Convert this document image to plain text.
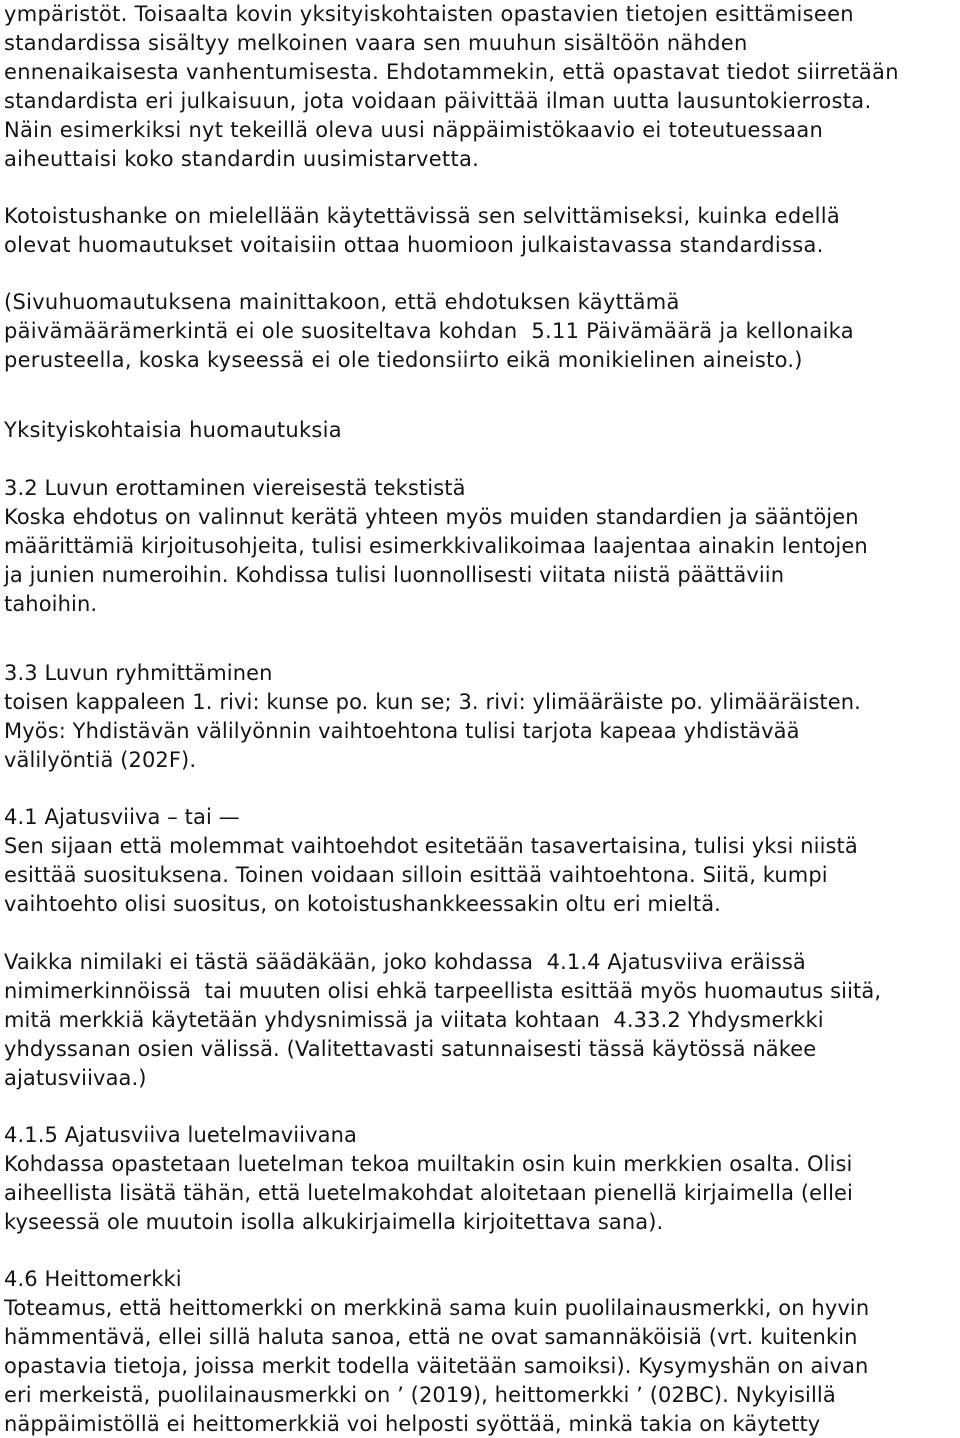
ympäristöt. Toisaalta kovin yksityiskohtaisten opastavien tietojen esittämiseen
standardissa sisältyy melkoinen vaara sen muuhun sisältöön nähden
ennenaikaisesta vanhentumisesta. Ehdotammekin, että opastavat tiedot siirretään
standardista eri julkaisuun, jota voidaan päivittää ilman uutta lausuntokierrosta.
Näin esimerkiksi nyt tekeillä oleva uusi näppäimistökaavio ei toteutuessaan
aiheuttaisi koko standardin uusimistarvetta.
Kotoistushanke on mielellään käytettävissä sen selvittämiseksi, kuinka edellä
olevat huomautukset voitaisiin ottaa huomioon julkaistavassa standardissa.
(Sivuhuomautuksena mainittakoon, että ehdotuksen käyttämä
päivämäärämerkintä ei ole suositeltava kohdan  5.11 Päivämäärä ja kellonaika
perusteella, koska kyseessä ei ole tiedonsiirto eikä monikielinen aineisto.)
Yksityiskohtaisia huomautuksia
3.2 Luvun erottaminen viereisestä tekstistä
Koska ehdotus on valinnut kerätä yhteen myös muiden standardien ja sääntöjen
määrittämiä kirjoitusohjeita, tulisi esimerkkivalikoimaa laajentaa ainakin lentojen
ja junien numeroihin. Kohdissa tulisi luonnollisesti viitata niistä päättäviin
tahoihin.
3.3 Luvun ryhmittäminen
toisen kappaleen 1. rivi: kunse po. kun se; 3. rivi: ylimääräiste po. ylimääräisten.
Myös: Yhdistävän välilyönnin vaihtoehtona tulisi tarjota kapeaa yhdistävää
välilyöntiä (202F).
4.1 Ajatusviiva – tai —
Sen sijaan että molemmat vaihtoehdot esitetään tasavertaisina, tulisi yksi niistä
esittää suosituksena. Toinen voidaan silloin esittää vaihtoehtona. Siitä, kumpi
vaihtoehto olisi suositus, on kotoistushankkeessakin oltu eri mieltä.
Vaikka nimilaki ei tästä säädäkään, joko kohdassa  4.1.4 Ajatusviiva eräissä
nimimerkinnöissä  tai muuten olisi ehkä tarpeellista esittää myös huomautus siitä,
mitä merkkiä käytetään yhdysnimissä ja viitata kohtaan  4.33.2 Yhdysmerkki
yhdyssanan osien välissä. (Valitettavasti satunnaisesti tässä käytössä näkee
ajatusviivaa.)
4.1.5 Ajatusviiva luetelmaviivana
Kohdassa opastetaan luetelman tekoa muiltakin osin kuin merkkien osalta. Olisi
aiheellista lisätä tähän, että luetelmakohdat aloitetaan pienellä kirjaimella (ellei
kyseessä ole muutoin isolla alkukirjaimella kirjoitettava sana).
4.6 Heittomerkki
Toteamus, että heittomerkki on merkkinä sama kuin puolilainausmerkki, on hyvin
hämmentävä, ellei sillä haluta sanoa, että ne ovat samannäköisiä (vrt. kuitenkin
opastavia tietoja, joissa merkit todella väitetään samoiksi). Kysymyshän on aivan
eri merkeistä, puolilainausmerkki on ’ (2019), heittomerkki ʼ (02BC). Nykyisillä
näppäimistöllä ei heittomerkkiä voi helposti syöttää, minkä takia on käytetty
